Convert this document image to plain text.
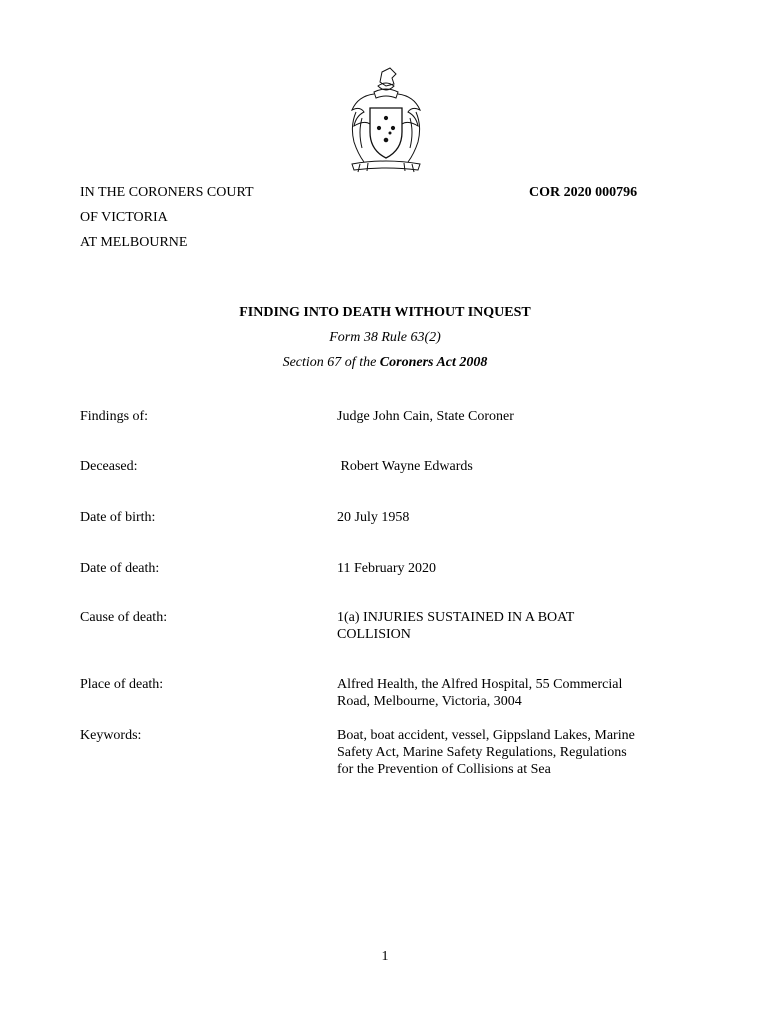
IN THE CORONERS COURT
OF VICTORIA
AT MELBOURNE
COR 2020 000796
FINDING INTO DEATH WITHOUT INQUEST
Form 38 Rule 63(2)
Section 67 of the Coroners Act 2008
Findings of:	Judge John Cain, State Coroner
Deceased:	Robert Wayne Edwards
Date of birth:	20 July 1958
Date of death:	11 February 2020
Cause of death:	1(a) INJURIES SUSTAINED IN A BOAT COLLISION
Place of death:	Alfred Health, the Alfred Hospital, 55 Commercial Road, Melbourne, Victoria, 3004
Keywords:	Boat, boat accident, vessel, Gippsland Lakes, Marine Safety Act, Marine Safety Regulations, Regulations for the Prevention of Collisions at Sea
1
